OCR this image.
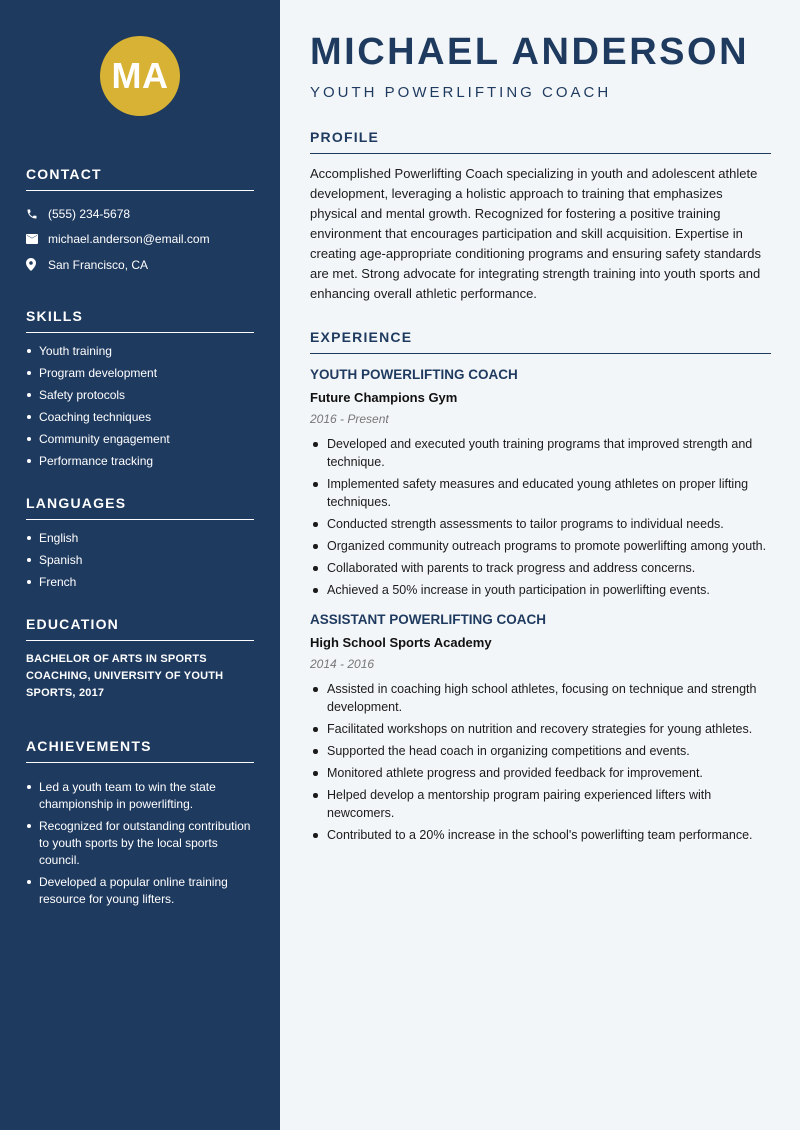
MA
CONTACT
(555) 234-5678
michael.anderson@email.com
San Francisco, CA
SKILLS
Youth training
Program development
Safety protocols
Coaching techniques
Community engagement
Performance tracking
LANGUAGES
English
Spanish
French
EDUCATION

BACHELOR OF ARTS IN SPORTS COACHING, UNIVERSITY OF YOUTH SPORTS, 2017

ACHIEVEMENTS
Led a youth team to win the state championship in powerlifting.
Recognized for outstanding contribution to youth sports by the local sports council.
Developed a popular online training resource for young lifters.
MICHAEL ANDERSON
YOUTH POWERLIFTING COACH
PROFILE

Accomplished Powerlifting Coach specializing in youth and adolescent athlete development, leveraging a holistic approach to training that emphasizes physical and mental growth. Recognized for fostering a positive training environment that encourages participation and skill acquisition. Expertise in creating age-appropriate conditioning programs and ensuring safety standards are met. Strong advocate for integrating strength training into youth sports and enhancing overall athletic performance.

EXPERIENCE
YOUTH POWERLIFTING COACH
Future Champions Gym
2016 - Present
Developed and executed youth training programs that improved strength and technique.
Implemented safety measures and educated young athletes on proper lifting techniques.
Conducted strength assessments to tailor programs to individual needs.
Organized community outreach programs to promote powerlifting among youth.
Collaborated with parents to track progress and address concerns.
Achieved a 50% increase in youth participation in powerlifting events.
ASSISTANT POWERLIFTING COACH
High School Sports Academy
2014 - 2016
Assisted in coaching high school athletes, focusing on technique and strength development.
Facilitated workshops on nutrition and recovery strategies for young athletes.
Supported the head coach in organizing competitions and events.
Monitored athlete progress and provided feedback for improvement.
Helped develop a mentorship program pairing experienced lifters with newcomers.
Contributed to a 20% increase in the school's powerlifting team performance.
